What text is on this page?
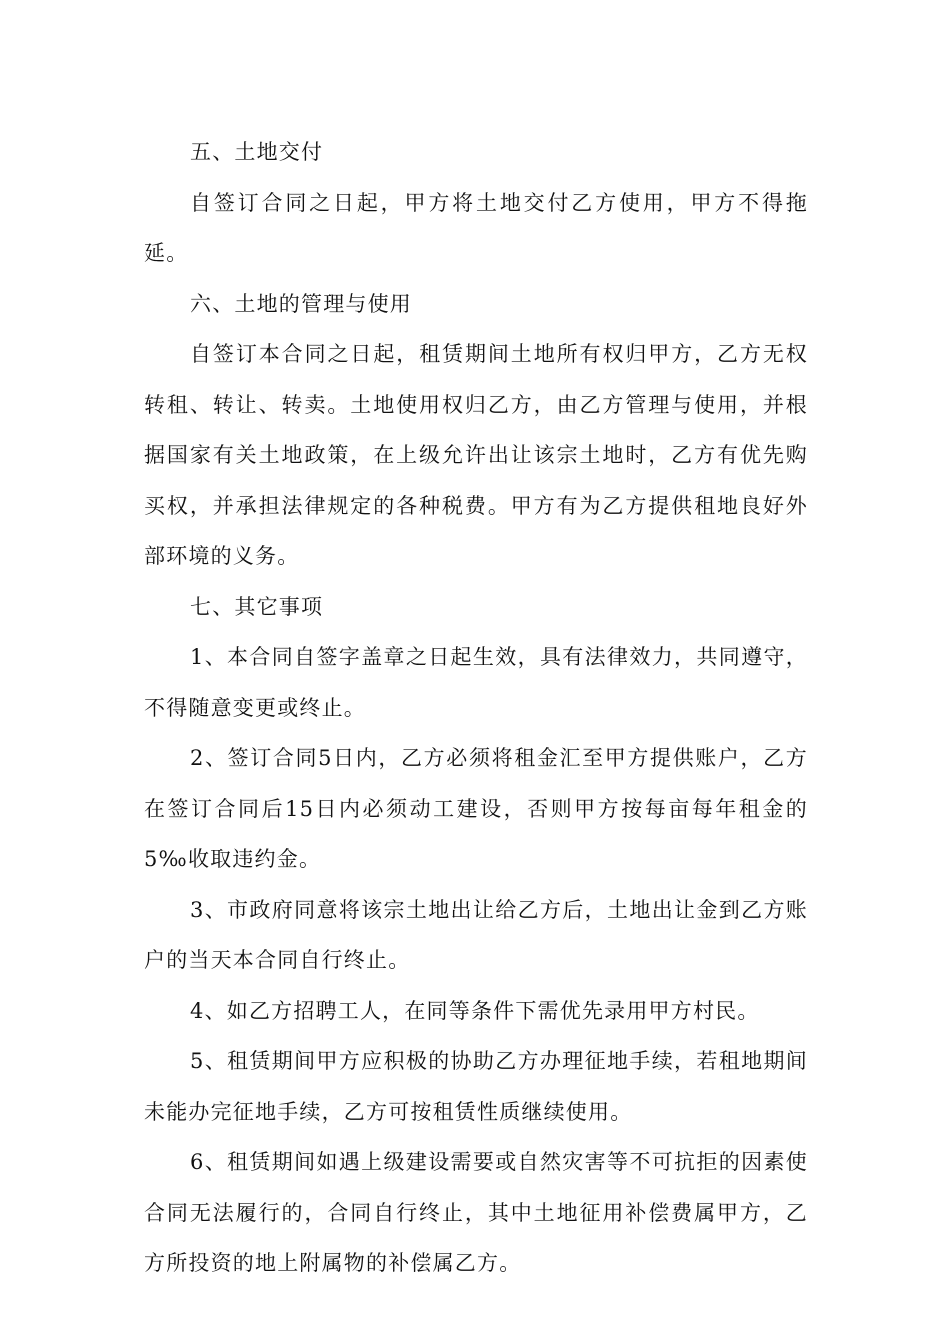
五、土地交付

自签订合同之日起，甲方将土地交付乙方使用，甲方不得拖延。

六、土地的管理与使用

自签订本合同之日起，租赁期间土地所有权归甲方，乙方无权转租、转让、转卖。土地使用权归乙方，由乙方管理与使用，并根据国家有关土地政策，在上级允许出让该宗土地时，乙方有优先购买权，并承担法律规定的各种税费。甲方有为乙方提供租地良好外部环境的义务。

七、其它事项

1、本合同自签字盖章之日起生效，具有法律效力，共同遵守，不得随意变更或终止。

2、签订合同5日内，乙方必须将租金汇至甲方提供账户，乙方在签订合同后15日内必须动工建设，否则甲方按每亩每年租金的5‰收取违约金。

3、市政府同意将该宗土地出让给乙方后，土地出让金到乙方账户的当天本合同自行终止。

4、如乙方招聘工人，在同等条件下需优先录用甲方村民。

5、租赁期间甲方应积极的协助乙方办理征地手续，若租地期间未能办完征地手续，乙方可按租赁性质继续使用。

6、租赁期间如遇上级建设需要或自然灾害等不可抗拒的因素使合同无法履行的，合同自行终止，其中土地征用补偿费属甲方，乙方所投资的地上附属物的补偿属乙方。
